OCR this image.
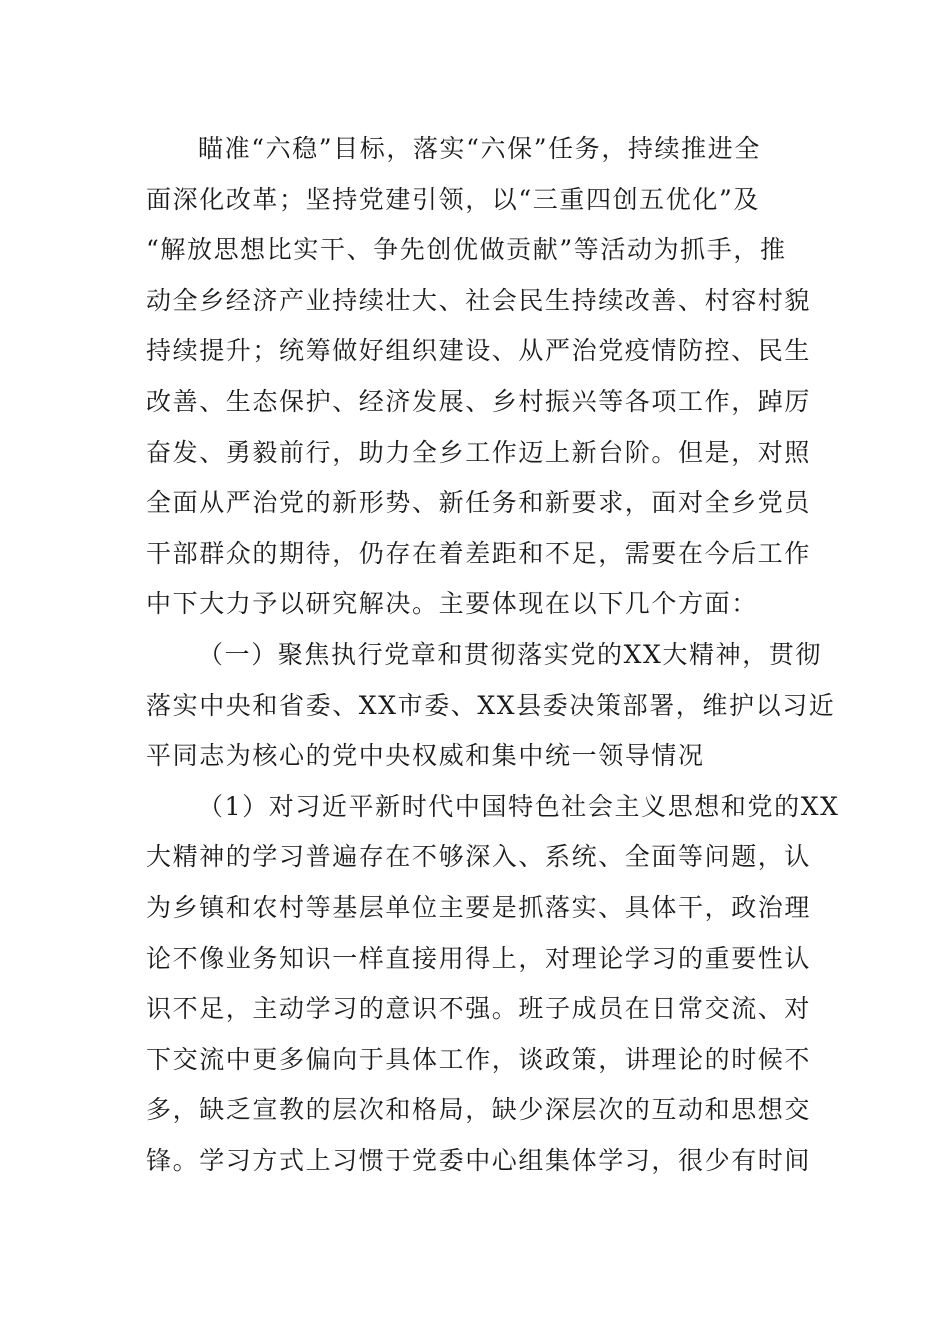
瞄准“六稳”目标，落实“六保”任务，持续推进全
面深化改革；坚持党建引领，以“三重四创五优化”及
“解放思想比实干、争先创优做贡献”等活动为抓手，推
动全乡经济产业持续壮大、社会民生持续改善、村容村貌
持续提升；统筹做好组织建设、从严治党疫情防控、民生
改善、生态保护、经济发展、乡村振兴等各项工作，踔厉
奋发、勇毅前行，助力全乡工作迈上新台阶。但是，对照
全面从严治党的新形势、新任务和新要求，面对全乡党员
干部群众的期待，仍存在着差距和不足，需要在今后工作
中下大力予以研究解决。主要体现在以下几个方面：
（一）聚焦执行党章和贯彻落实党的XX大精神，贯彻
落实中央和省委、XX市委、XX县委决策部署，维护以习近
平同志为核心的党中央权威和集中统一领导情况
（1）对习近平新时代中国特色社会主义思想和党的XX
大精神的学习普遍存在不够深入、系统、全面等问题，认
为乡镇和农村等基层单位主要是抓落实、具体干，政治理
论不像业务知识一样直接用得上，对理论学习的重要性认
识不足，主动学习的意识不强。班子成员在日常交流、对
下交流中更多偏向于具体工作，谈政策，讲理论的时候不
多，缺乏宣教的层次和格局，缺少深层次的互动和思想交
锋。学习方式上习惯于党委中心组集体学习，很少有时间
